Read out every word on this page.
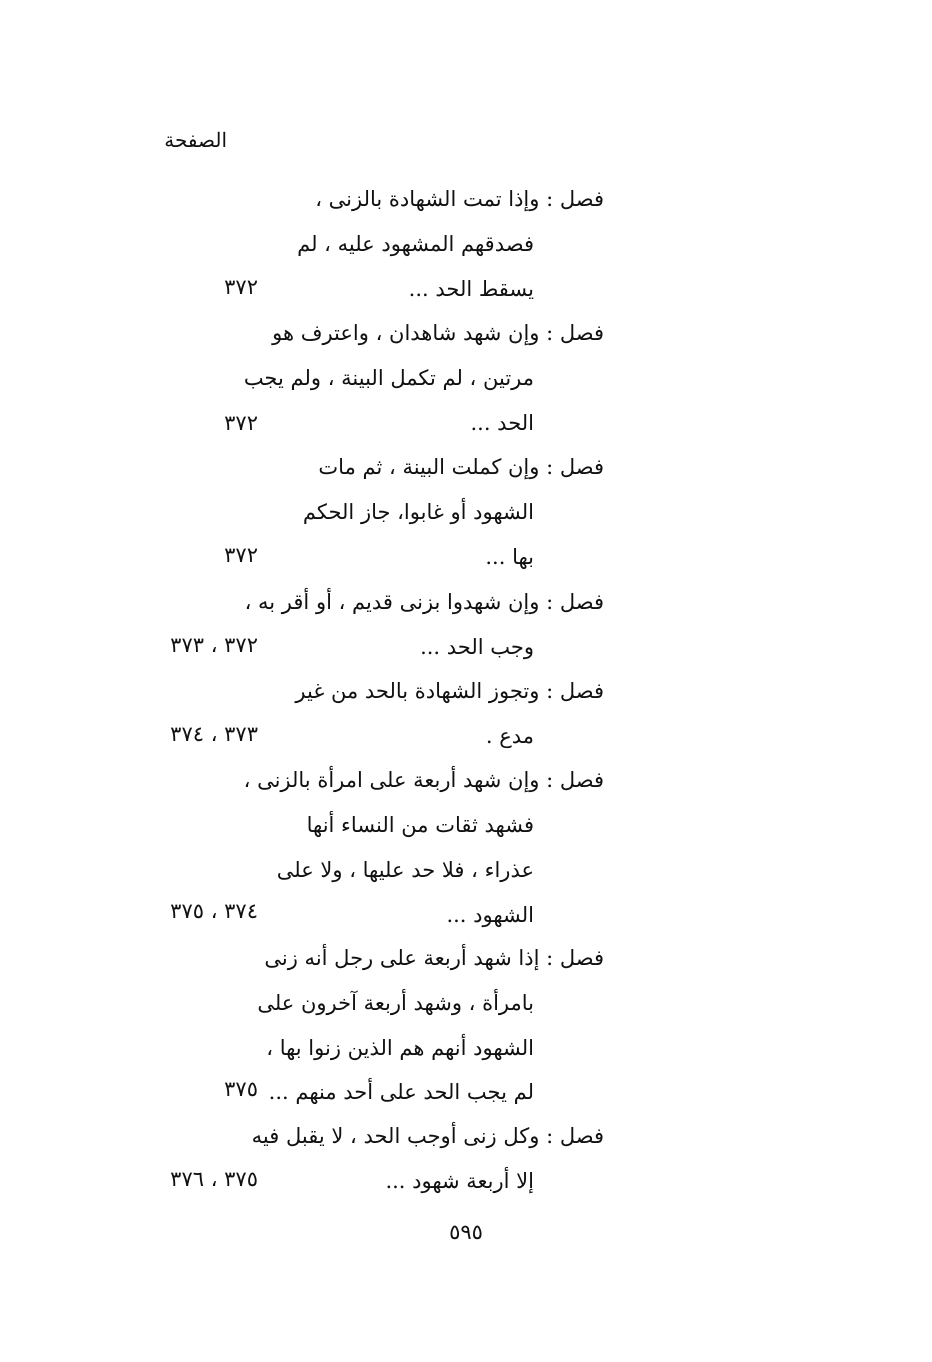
الصفحة
فصل : وإذا تمت الشهادة بالزنى ،
فصدقهم المشهود عليه ، لم
يسقط الحد ...
٣٧٢
فصل : وإن شهد شاهدان ، واعترف هو
مرتين ، لم تكمل البينة ، ولم يجب
الحد ...
٣٧٢
فصل : وإن كملت البينة ، ثم مات
الشهود أو غابوا، جاز الحكم
بها ...
٣٧٢
فصل : وإن شهدوا بزنى قديم ، أو أقر به ،
وجب الحد ...
٣٧٢ ، ٣٧٣
فصل : وتجوز الشهادة بالحد من غير
مدع .
٣٧٣ ، ٣٧٤
فصل : وإن شهد أربعة على امرأة بالزنى ،
فشهد ثقات من النساء أنها
عذراء ، فلا حد عليها ، ولا على
الشهود ...
٣٧٤ ، ٣٧٥
فصل : إذا شهد أربعة على رجل أنه زنى
بامرأة ، وشهد أربعة آخرون على
الشهود أنهم هم الذين زنوا بها ،
لم يجب الحد على أحد منهم ...
٣٧٥
فصل : وكل زنى أوجب الحد ، لا يقبل فيه
إلا أربعة شهود ...
٣٧٥ ، ٣٧٦
٥٩٥
